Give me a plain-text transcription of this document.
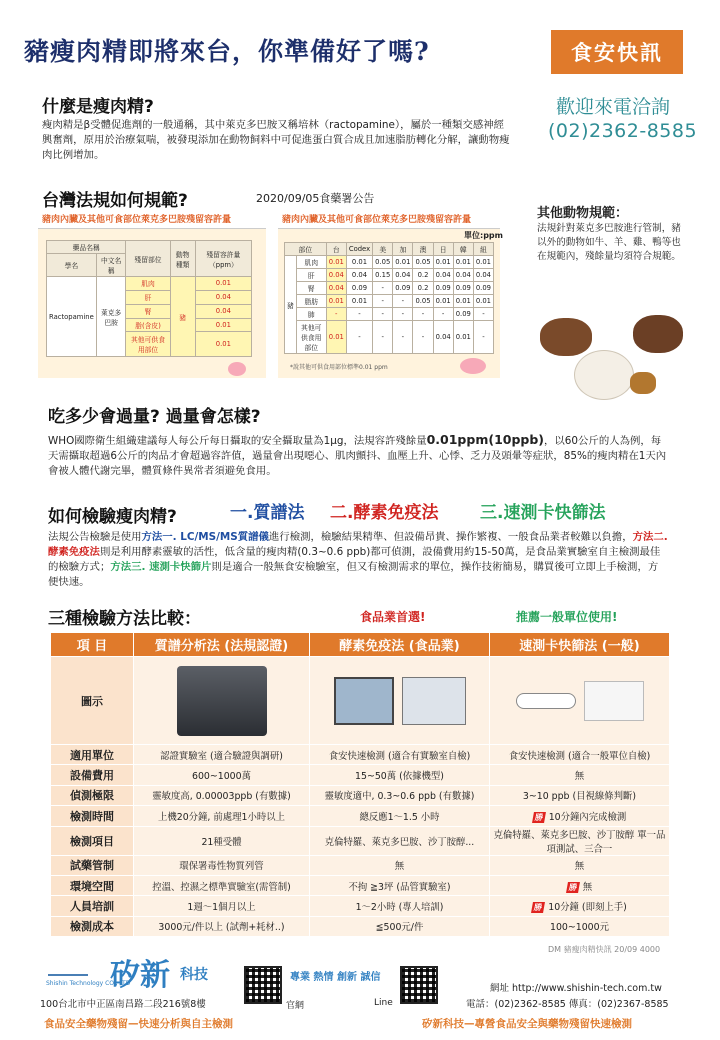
豬瘦肉精即將來台，你準備好了嗎?	食安快訊
歡迎來電洽詢
(02)2362-8585
什麼是瘦肉精?
瘦肉精是β受體促進劑的一般通稱，其中萊克多巴胺又稱培林（ractopamine），屬於一種類交感神經興奮劑，原用於治療氣喘，被發現添加在動物飼料中可促進蛋白質合成且加速脂肪轉化分解，讓動物瘦肉比例增加。
台灣法規如何規範?	2020/09/05食藥署公告
豬肉內臟及其他可食部位萊克多巴胺殘留容許量	豬肉內臟及其他可食部位萊克多巴胺殘留容許量
單位:ppm
藥品名稱		殘留部位	動物種類	殘留容許量（ppm）
學名	中文名稱			
Ractopamine	萊克多巴胺	肌肉	豬	0.01
		肝		0.04
		腎		0.04
		脂(含皮)		0.01
		其他可供食用部位		0.01
部位		台	Codex	美	加	澳	日	韓	紐
豬	肌肉	0.01	0.01	0.05	0.01	0.05	0.01	0.01	0.01
	肝	0.04	0.04	0.15	0.04	0.2	0.04	0.04	0.04
	腎	0.04	0.09	-	0.09	0.2	0.09	0.09	0.09
	脂肪	0.01	0.01	-	-	0.05	0.01	0.01	0.01
	肺	-	-	-	-	-	-	0.09	-
	其他可供食用部位	0.01	-	-	-	-	0.04	0.01	-
*說其他可供食用部位標準0.01 ppm
其他動物規範：
法規針對萊克多巴胺進行管制，豬以外的動物如牛、羊、雞、鴨等也在規範內，殘餘量均須符合規範。
吃多少會過量? 過量會怎樣?
WHO國際衛生組織建議每人每公斤每日攝取的安全攝取量為1μg，法規容許殘餘量0.01ppm(10ppb)，以60公斤的人為例，每天需攝取超過6公斤的肉品才會超過容許值，過量會出現噁心、肌肉顫抖、血壓上升、心悸、乏力及頭暈等症狀，85%的瘦肉精在1天內會被人體代謝完畢，體質條件異常者須避免食用。
如何檢驗瘦肉精?	一.質譜法 二.酵素免疫法 三.速測卡快篩法
法規公告檢驗是使用方法一. LC/MS/MS質譜儀進行檢測，檢驗結果精準、但設備昂貴、操作繁複、一般食品業者較難以負擔，方法二. 酵素免疫法則是利用酵素靈敏的活性，低含量的瘦肉精(0.3~0.6 ppb)都可偵測，設備費用約15-50萬，是食品業實驗室自主檢測最佳的檢驗方式；方法三. 速測卡快篩片則是適合一般無食安檢驗室，但又有檢測需求的單位，操作技術簡易，購買後可立即上手檢測，方便快速。
三種檢驗方法比較：	食品業首選!	推薦一般單位使用!
項 目	質譜分析法 (法規認證)	酵素免疫法 (食品業)	速測卡快篩法 (一般)
圖示	

適用單位	認證實驗室 (適合驗證與調研)	食安快速檢測 (適合有實驗室自檢)	食安快速檢測 (適合一般單位自檢)
設備費用	600~1000萬	15~50萬 (依據機型)	無
偵測極限	靈敏度高, 0.00003ppb (有數據)	靈敏度適中, 0.3~0.6 ppb (有數據)	3~10 ppb (目視線條判斷)
檢測時間	上機20分鐘, 前處理1小時以上	總反應1～1.5 小時	勝 10分鐘內完成檢測
檢測項目	21種受體	克倫特羅、萊克多巴胺、沙丁胺醇...	克倫特羅、萊克多巴胺、沙丁胺醇 單一品項測試、三合一
試藥管制	環保署毒性物質列管	無	無
環境空間	控溫、控濕之標準實驗室(需管制)	不拘 ≧3坪 (品管實驗室)	勝 無
人員培訓	1週～1個月以上	1～2小時 (專人培訓)	勝 10分鐘 (即刻上手)
檢測成本	3000元/件以上 (試劑+耗材..)	≦500元/件	100~1000元
DM 豬瘦肉精快訊 20/09 4000
矽新 科技
Shishin Technology CO., LTD
100台北市中正區南昌路二段216號8樓	官網
專業 熱情 創新 誠信
Line
網址 http://www.shishin-tech.com.tw
電話：(02)2362-8585 傳真：(02)2367-8585
食品安全藥物殘留—快速分析與自主檢測	矽新科技—專營食品安全與藥物殘留快速檢測
